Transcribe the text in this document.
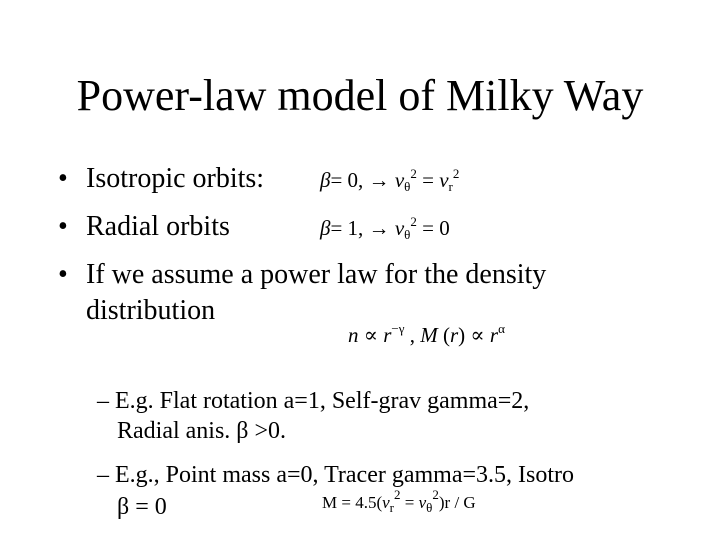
Power-law model of Milky Way
• Isotropic orbits:	β= 0, → $v_\theta^2 = v_r^2$
• Radial orbits	β= 1, → $v_\theta^2 = 0$
• If we assume a power law for the density
distribution
$n \propto r^{-\gamma}$ , M $(r) \propto r^\alpha$
– E.g. Flat rotation a=1, Self-grav gamma=2,
Radial anis. β >0.
– E.g., Point mass a=0, Tracer gamma=3.5, Isotro
β = 0	$M = 4.5(v_r^2 = v_\theta^2)r / G$
